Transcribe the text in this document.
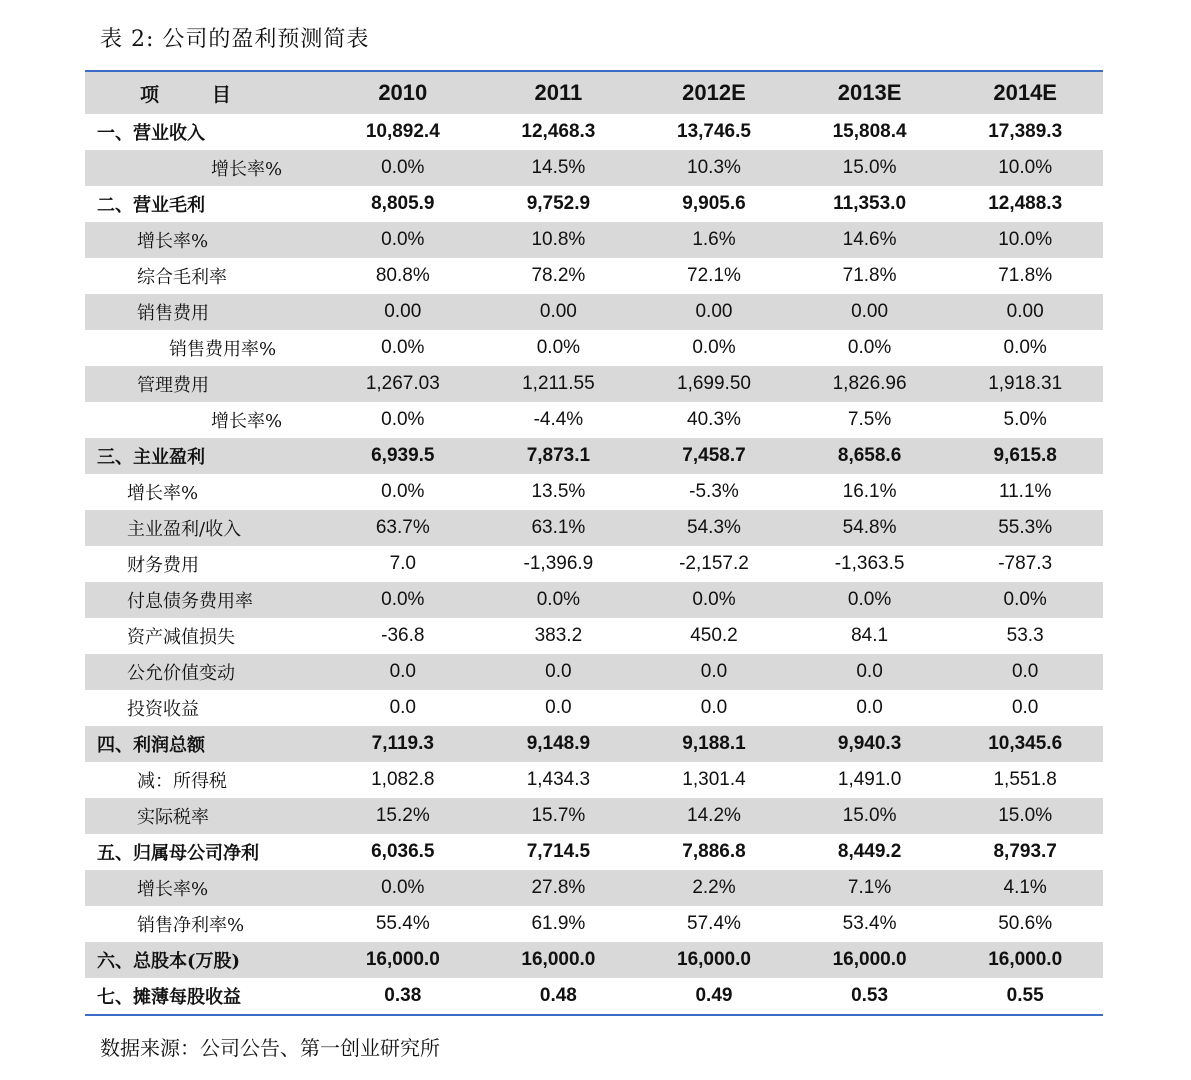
表 2: 公司的盈利预测简表
项        目	2010	2011	2012E	2013E	2014E
一、营业收入	10,892.4	12,468.3	13,746.5	15,808.4	17,389.3
增长率%	0.0%	14.5%	10.3%	15.0%	10.0%
二、营业毛利	8,805.9	9,752.9	9,905.6	11,353.0	12,488.3
增长率%	0.0%	10.8%	1.6%	14.6%	10.0%
综合毛利率	80.8%	78.2%	72.1%	71.8%	71.8%
销售费用	0.00	0.00	0.00	0.00	0.00
销售费用率%	0.0%	0.0%	0.0%	0.0%	0.0%
管理费用	1,267.03	1,211.55	1,699.50	1,826.96	1,918.31
增长率%	0.0%	-4.4%	40.3%	7.5%	5.0%
三、主业盈利	6,939.5	7,873.1	7,458.7	8,658.6	9,615.8
增长率%	0.0%	13.5%	-5.3%	16.1%	11.1%
主业盈利/收入	63.7%	63.1%	54.3%	54.8%	55.3%
财务费用	7.0	-1,396.9	-2,157.2	-1,363.5	-787.3
付息债务费用率	0.0%	0.0%	0.0%	0.0%	0.0%
资产减值损失	-36.8	383.2	450.2	84.1	53.3
公允价值变动	0.0	0.0	0.0	0.0	0.0
投资收益	0.0	0.0	0.0	0.0	0.0
四、利润总额	7,119.3	9,148.9	9,188.1	9,940.3	10,345.6
减：所得税	1,082.8	1,434.3	1,301.4	1,491.0	1,551.8
实际税率	15.2%	15.7%	14.2%	15.0%	15.0%
五、归属母公司净利	6,036.5	7,714.5	7,886.8	8,449.2	8,793.7
增长率%	0.0%	27.8%	2.2%	7.1%	4.1%
销售净利率%	55.4%	61.9%	57.4%	53.4%	50.6%
六、总股本(万股)	16,000.0	16,000.0	16,000.0	16,000.0	16,000.0
七、摊薄每股收益	0.38	0.48	0.49	0.53	0.55
数据来源：公司公告、第一创业研究所
